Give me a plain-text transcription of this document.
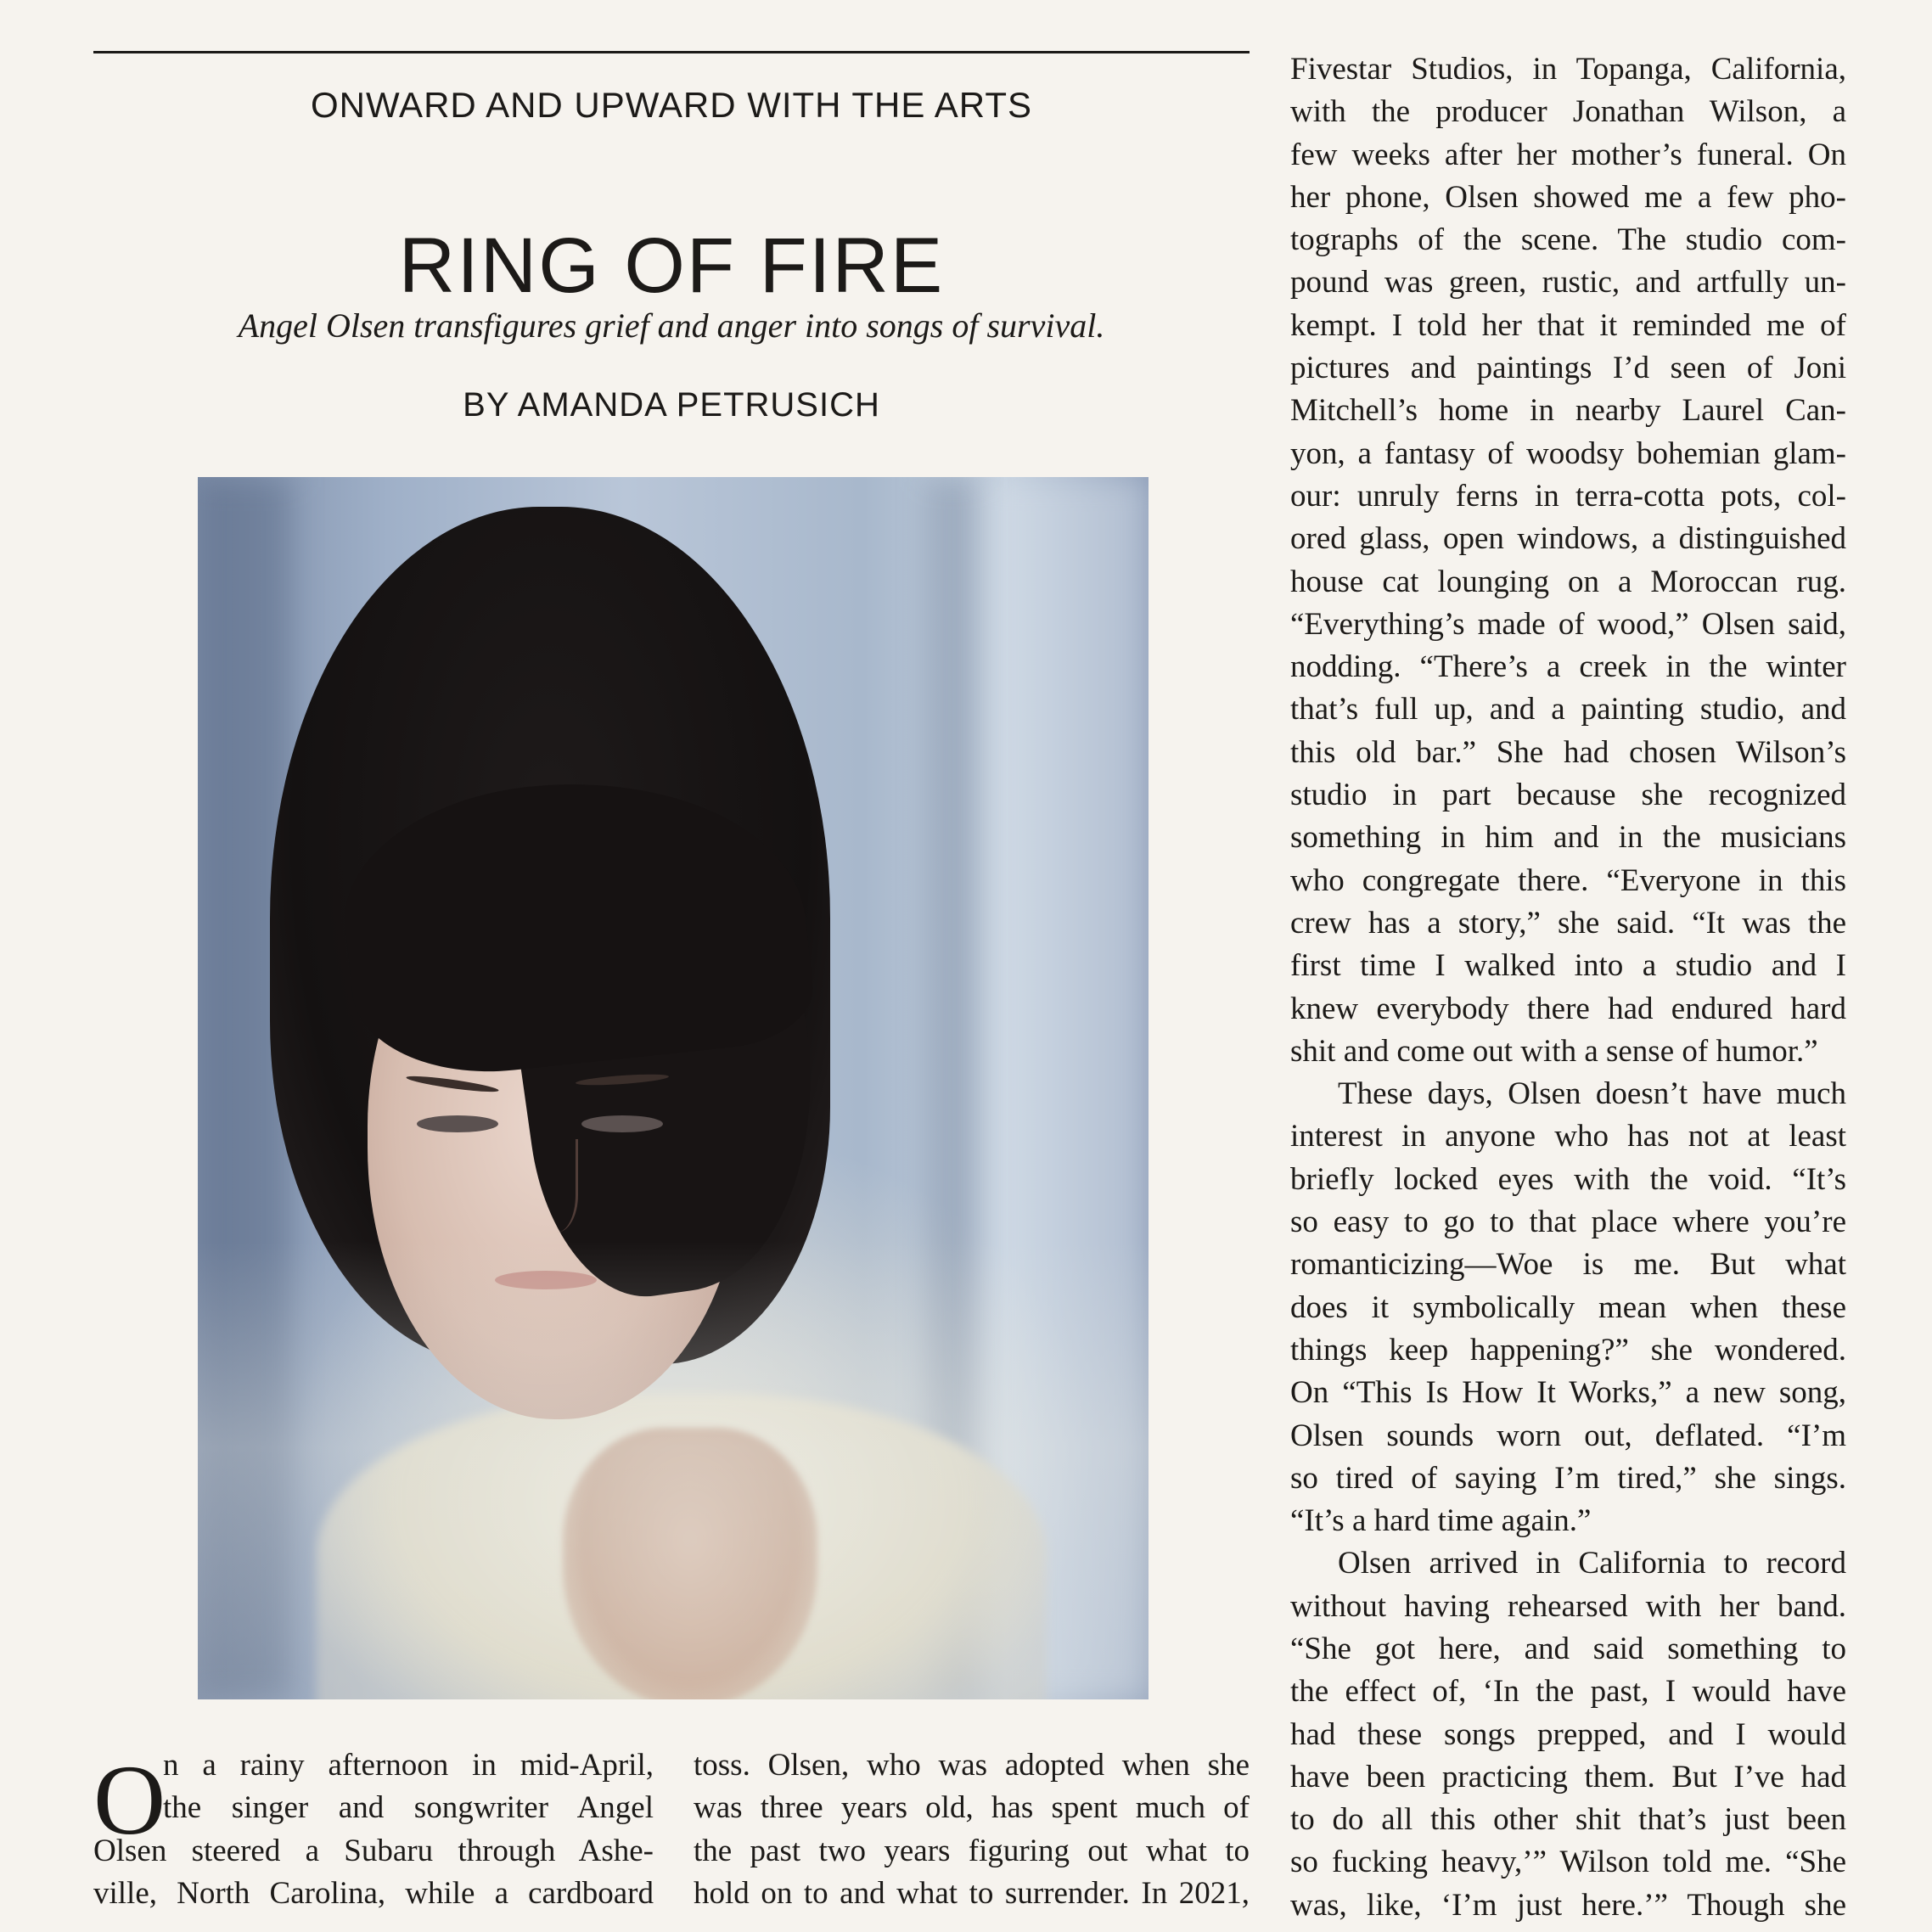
ONWARD AND UPWARD WITH THE ARTS
RING OF FIRE
Angel Olsen transfigures grief and anger into songs of survival.
BY AMANDA PETRUSICH
O
n a rainy afternoon in mid-April,
the singer and songwriter Angel
Olsen steered a Subaru through Ashe-
ville, North Carolina, while a cardboard
toss. Olsen, who was adopted when she
was three years old, has spent much of
the past two years figuring out what to
hold on to and what to surrender. In 2021,
Fivestar Studios, in Topanga, California,
with the producer Jonathan Wilson, a
few weeks after her mother’s funeral. On
her phone, Olsen showed me a few pho-
tographs of the scene. The studio com-
pound was green, rustic, and artfully un-
kempt. I told her that it reminded me of
pictures and paintings I’d seen of Joni
Mitchell’s home in nearby Laurel Can-
yon, a fantasy of woodsy bohemian glam-
our: unruly ferns in terra-cotta pots, col-
ored glass, open windows, a distinguished
house cat lounging on a Moroccan rug.
“Everything’s made of wood,” Olsen said,
nodding. “There’s a creek in the winter
that’s full up, and a painting studio, and
this old bar.” She had chosen Wilson’s
studio in part because she recognized
something in him and in the musicians
who congregate there. “Everyone in this
crew has a story,” she said. “It was the
first time I walked into a studio and I
knew everybody there had endured hard
shit and come out with a sense of humor.”
These days, Olsen doesn’t have much
interest in anyone who has not at least
briefly locked eyes with the void. “It’s
so easy to go to that place where you’re
romanticizing—Woe is me. But what
does it symbolically mean when these
things keep happening?” she wondered.
On “This Is How It Works,” a new song,
Olsen sounds worn out, deflated. “I’m
so tired of saying I’m tired,” she sings.
“It’s a hard time again.”
Olsen arrived in California to record
without having rehearsed with her band.
“She got here, and said something to
the effect of, ‘In the past, I would have
had these songs prepped, and I would
have been practicing them. But I’ve had
to do all this other shit that’s just been
so fucking heavy,’” Wilson told me. “She
was, like, ‘I’m just here.’” Though she
